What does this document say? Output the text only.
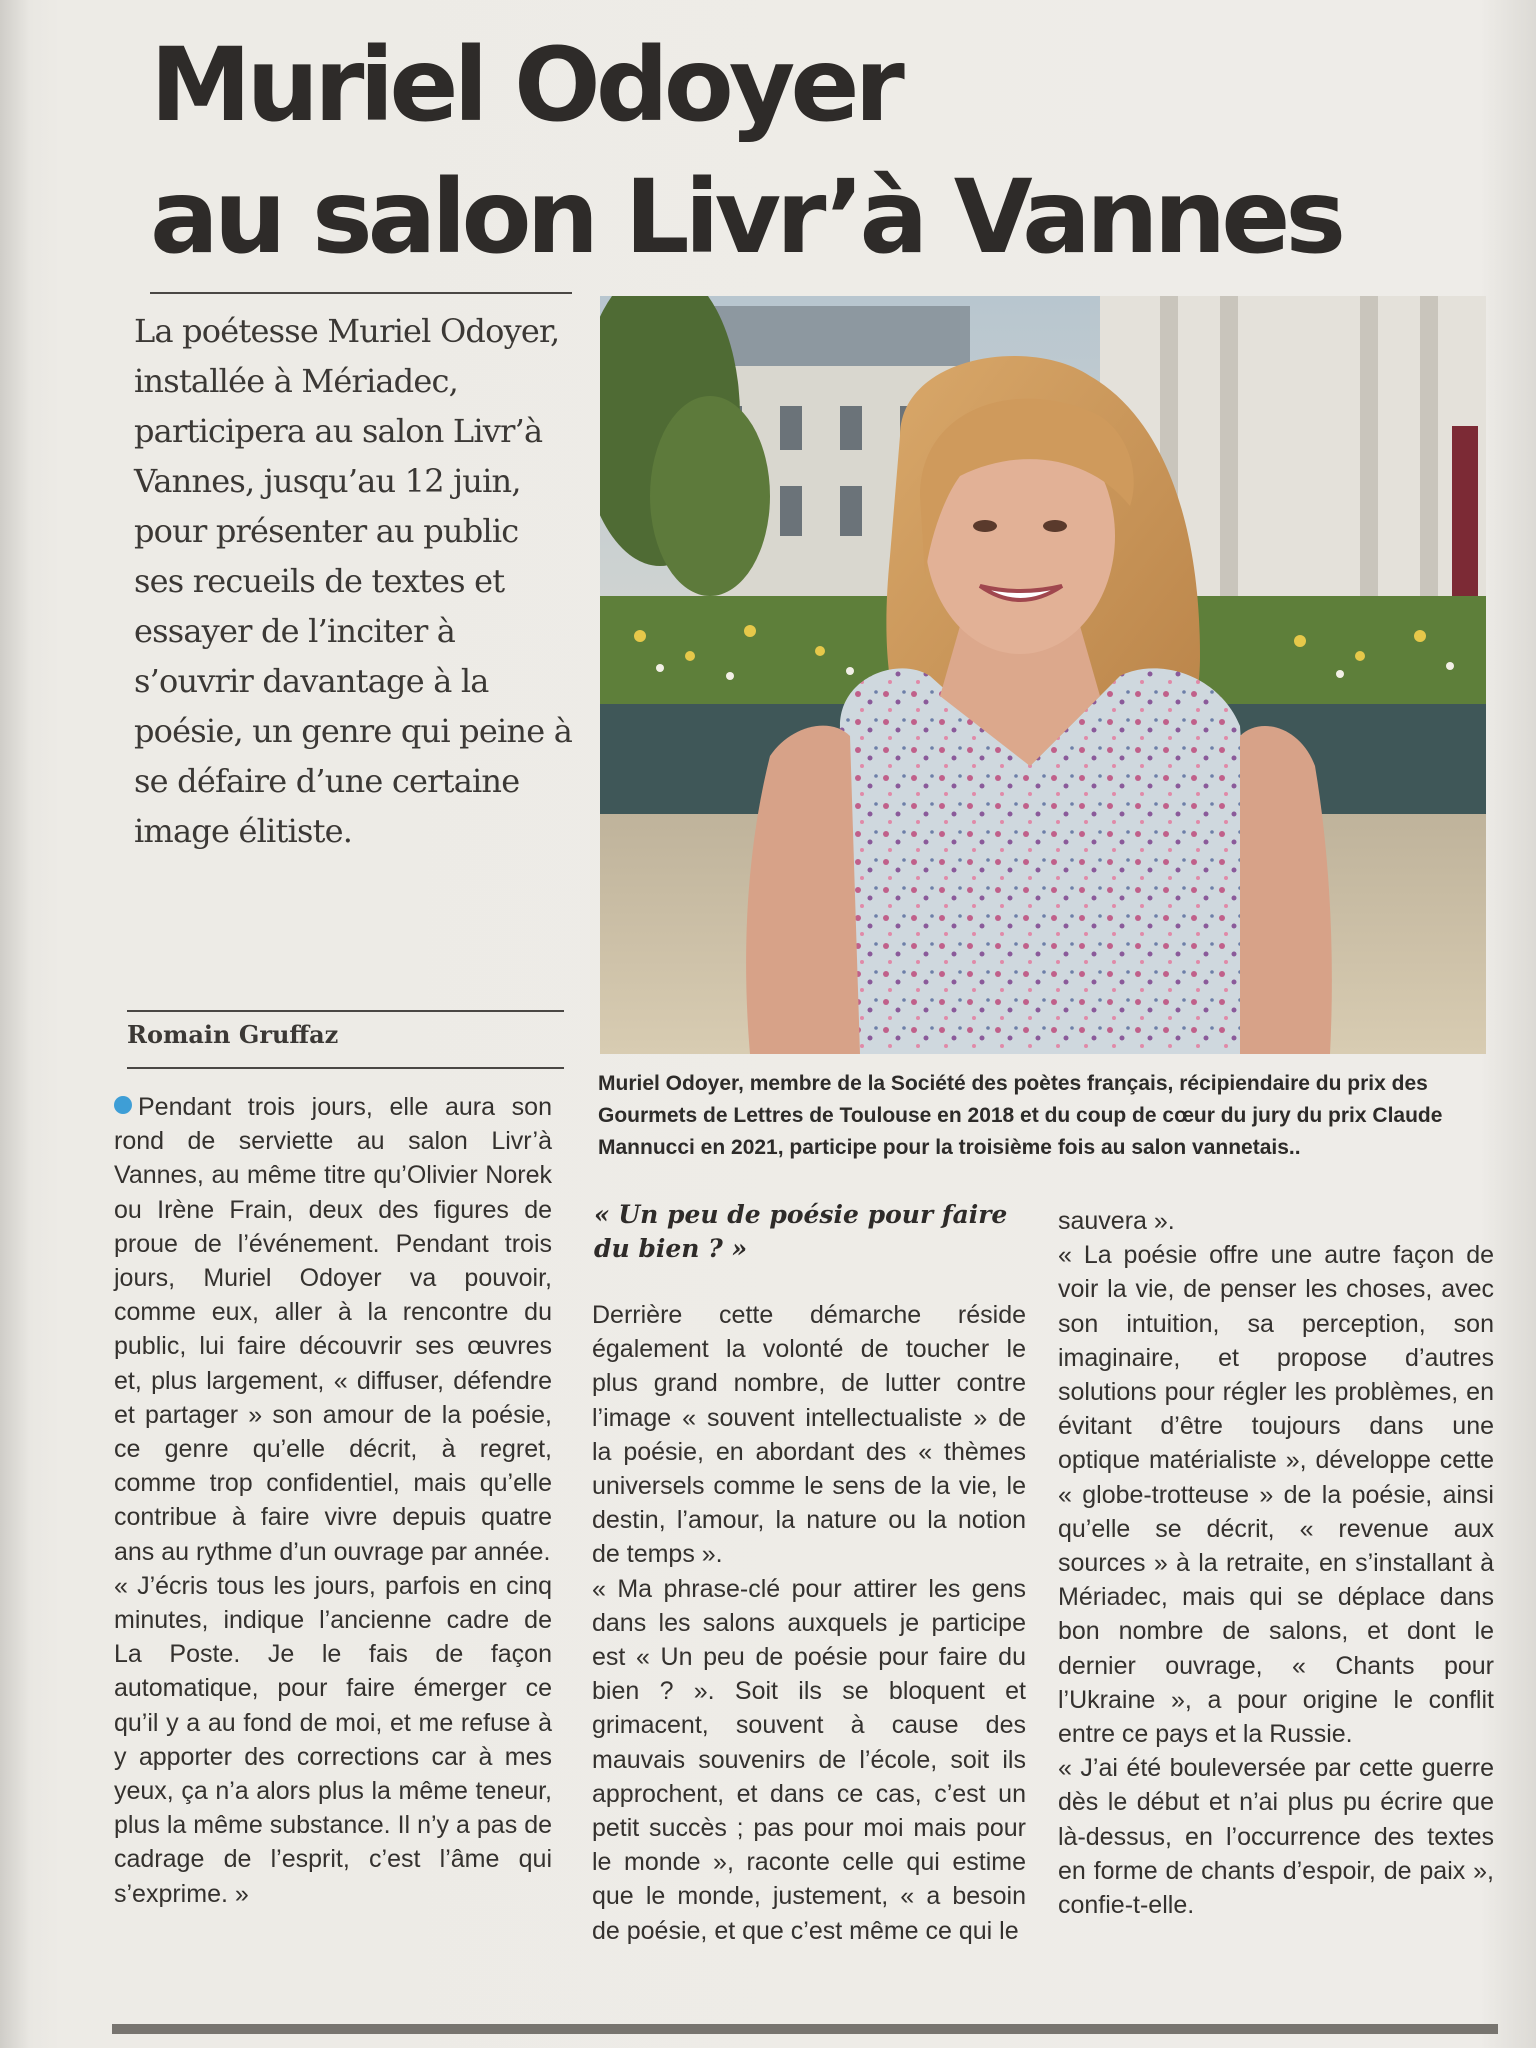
Muriel Odoyer
au salon Livr’à Vannes

La poétesse Muriel Odoyer, installée à Mériadec, participera au salon Livr’à Vannes, jusqu’au 12 juin, pour présenter au public ses recueils de textes et essayer de l’inciter à s’ouvrir davantage à la poésie, un genre qui peine à se défaire d’une certaine image élitiste.

Romain Gruffaz
Muriel Odoyer, membre de la Société des poètes français, récipiendaire du prix des Gourmets de Lettres de Toulouse en 2018 et du coup de cœur du jury du prix Claude Mannucci en 2021, participe pour la troisième fois au salon vannetais..

Pendant trois jours, elle aura son rond de serviette au salon Livr’à Vannes, au même titre qu’Olivier Norek ou Irène Frain, deux des figures de proue de l’événement. Pendant trois jours, Muriel Odoyer va pouvoir, comme eux, aller à la rencontre du public, lui faire découvrir ses œuvres et, plus largement, « diffuser, défendre et partager » son amour de la poésie, ce genre qu’elle décrit, à regret, comme trop confidentiel, mais qu’elle contribue à faire vivre depuis quatre ans au rythme d’un ouvrage par année.

« J’écris tous les jours, parfois en cinq minutes, indique l’ancienne cadre de La Poste. Je le fais de façon automatique, pour faire émerger ce qu’il y a au fond de moi, et me refuse à y apporter des corrections car à mes yeux, ça n’a alors plus la même teneur, plus la même substance. Il n’y a pas de cadrage de l’esprit, c’est l’âme qui s’exprime. »

« Un peu de poésie pour faire du bien ? »

Derrière cette démarche réside également la volonté de toucher le plus grand nombre, de lutter contre l’image « souvent intellectualiste » de la poésie, en abordant des « thèmes universels comme le sens de la vie, le destin, l’amour, la nature ou la notion de temps ».

« Ma phrase-clé pour attirer les gens dans les salons auxquels je participe est « Un peu de poésie pour faire du bien ? ». Soit ils se bloquent et grimacent, souvent à cause des mauvais souvenirs de l’école, soit ils approchent, et dans ce cas, c’est un petit succès ; pas pour moi mais pour le monde », raconte celle qui estime que le monde, justement, « a besoin de poésie, et que c’est même ce qui le

sauvera ».

« La poésie offre une autre façon de voir la vie, de penser les choses, avec son intuition, sa perception, son imaginaire, et propose d’autres solutions pour régler les problèmes, en évitant d’être toujours dans une optique matérialiste », développe cette « globe-trotteuse » de la poésie, ainsi qu’elle se décrit, « revenue aux sources » à la retraite, en s’installant à Mériadec, mais qui se déplace dans bon nombre de salons, et dont le dernier ouvrage, « Chants pour l’Ukraine », a pour origine le conflit entre ce pays et la Russie.

« J’ai été bouleversée par cette guerre dès le début et n’ai plus pu écrire que là-dessus, en l’occurrence des textes en forme de chants d’espoir, de paix », confie-t-elle.
